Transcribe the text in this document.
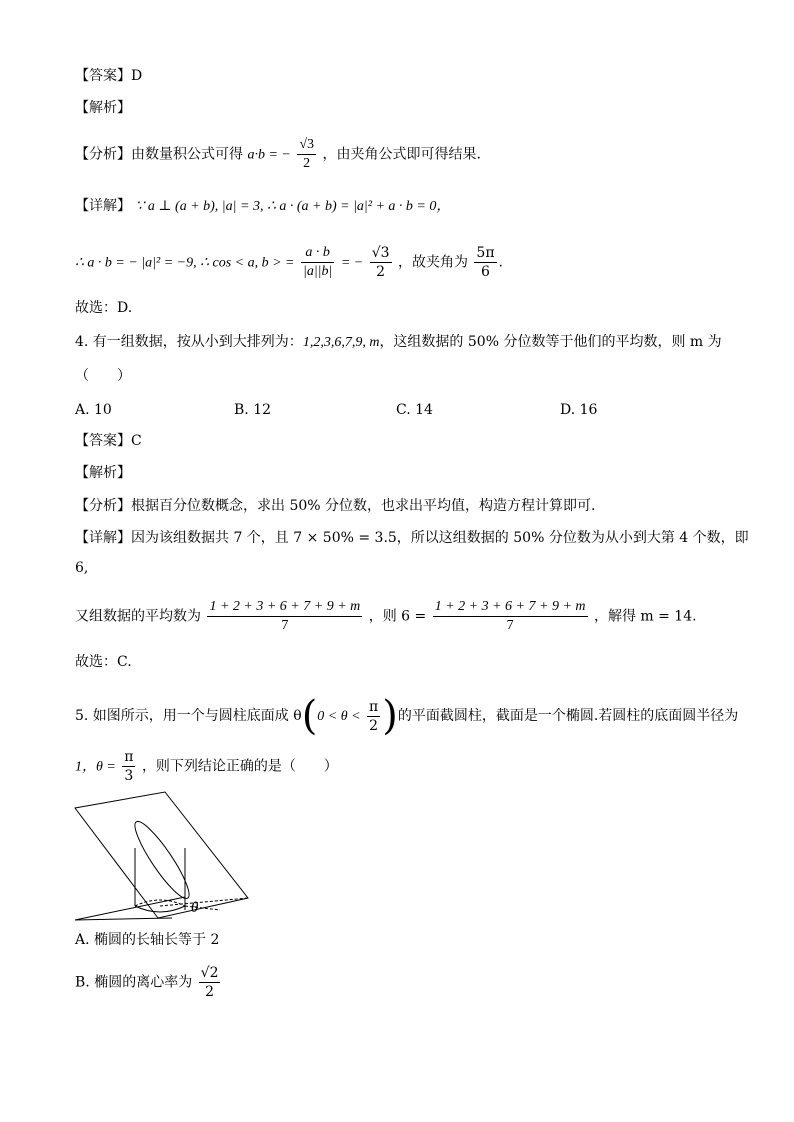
【答案】D
【解析】
【分析】由数量积公式可得 a·b = − $\frac{√3}{2}$ ，由夹角公式即可得结果.
【详解】 ∵ a ⊥ (a + b), |a| = 3, ∴ a · (a + b) = |a|² + a · b = 0，
∴ a · b = − |a|² = −9, ∴ cos < a, b > = $\frac{a \cdot b}{|a||b|}$ = − $\frac{√3}{2}$ ，故夹角为 $\frac{5\pi}{6}$ .
故选：D.
4. 有一组数据，按从小到大排列为：1,2,3,6,7,9, m，这组数据的 50% 分位数等于他们的平均数，则 m 为
（　　）
A. 10	B. 12	C. 14	D. 16
【答案】C
【解析】
【分析】根据百分位数概念，求出 50% 分位数，也求出平均值，构造方程计算即可.
【详解】因为该组数据共 7 个，且 7 × 50% = 3.5，所以这组数据的 50% 分位数为从小到大第 4 个数，即
6,
又组数据的平均数为 $\frac{1 + 2 + 3 + 6 + 7 + 9 + m}{7}$ ，则 $6 = \frac{1 + 2 + 3 + 6 + 7 + 9 + m}{7}$ ，解得 m = 14.
故选：C.
5. 如图所示，用一个与圆柱底面成 $\theta(0 < \theta < \frac{\pi}{2}$ )的平面截圆柱，截面是一个椭圆.若圆柱的底面圆半径为
1，$\theta = \frac{\pi}{3}$ ，则下列结论正确的是（　　）
θ
A. 椭圆的长轴长等于 2
B. 椭圆的离心率为 $\frac{√2}{2}$
